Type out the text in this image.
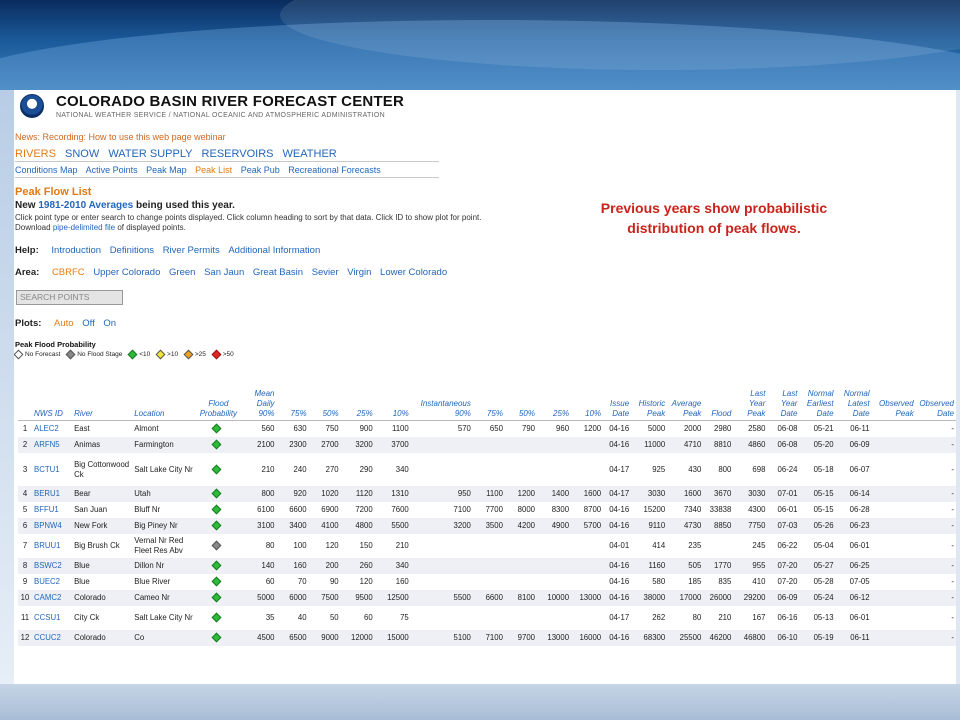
COLORADO BASIN RIVER FORECAST CENTER
NATIONAL WEATHER SERVICE / NATIONAL OCEANIC AND ATMOSPHERIC ADMINISTRATION
News: Recording: How to use this web page webinar
RIVERS SNOW WATER SUPPLY RESERVOIRS WEATHER
Conditions Map Active Points Peak Map Peak List Peak Pub Recreational Forecasts
Peak Flow List
New 1981-2010 Averages being used this year.
Click point type or enter search to change points displayed. Click column heading to sort by that data. Click ID to show plot for point.
Download pipe-delimited file of displayed points.
Help: Introduction Definitions River Permits Additional Information
Area: CBRFC Upper Colorado Green San Jaun Great Basin Sevier Virgin Lower Colorado
SEARCH POINTS
Plots: Auto Off On
Peak Flood Probability
No Forecast	No Flood Stage	<10	>10	>25	>50
Previous years show probabilistic distribution of peak flows.
	NWS ID	River	Location	Flood Probability	Mean Daily 90%	75%	50%	25%	10%	Instantaneous 90%	75%	50%	25%	10%	Issue Date	Historic Peak	Average Peak	Flood	Last Year Peak	Last Year Date	Normal Earliest Date	Normal Latest Date	Observed Peak	Observed Date
1	ALEC2	East	Almont		560	630	750	900	1100	570	650	790	960	1200	04-16	5000	2000	2980	2580	06-08	05-21	06-11		-
2	ARFN5	Animas	Farmington		2100	2300	2700	3200	3700						04-16	11000	4710	8810	4860	06-08	05-20	06-09		-
3	BCTU1	Big Cottonwood Ck	Salt Lake City Nr		210	240	270	290	340						04-17	925	430	800	698	06-24	05-18	06-07		-
4	BERU1	Bear	Utah		800	920	1020	1120	1310	950	1100	1200	1400	1600	04-17	3030	1600	3670	3030	07-01	05-15	06-14		-
5	BFFU1	San Juan	Bluff Nr		6100	6600	6900	7200	7600	7100	7700	8000	8300	8700	04-16	15200	7340	33838	4300	06-01	05-15	06-28		-
6	BPNW4	New Fork	Big Piney Nr		3100	3400	4100	4800	5500	3200	3500	4200	4900	5700	04-16	9110	4730	8850	7750	07-03	05-26	06-23		-
7	BRUU1	Big Brush Ck	Vernal Nr Red Fleet Res Abv		80	100	120	150	210						04-01	414	235		245	06-22	05-04	06-01		-
8	BSWC2	Blue	Dillon Nr		140	160	200	260	340						04-16	1160	505	1770	955	07-20	05-27	06-25		-
9	BUEC2	Blue	Blue River		60	70	90	120	160						04-16	580	185	835	410	07-20	05-28	07-05		-
10	CAMC2	Colorado	Cameo Nr		5000	6000	7500	9500	12500	5500	6600	8100	10000	13000	04-16	38000	17000	26000	29200	06-09	05-24	06-12		-
11	CCSU1	City Ck	Salt Lake City Nr		35	40	50	60	75						04-17	262	80	210	167	06-16	05-13	06-01		-
12	CCUC2	Colorado	Co		4500	6500	9000	12000	15000	5100	7100	9700	13000	16000	04-16	68300	25500	46200	46800	06-10	05-19	06-11		-
